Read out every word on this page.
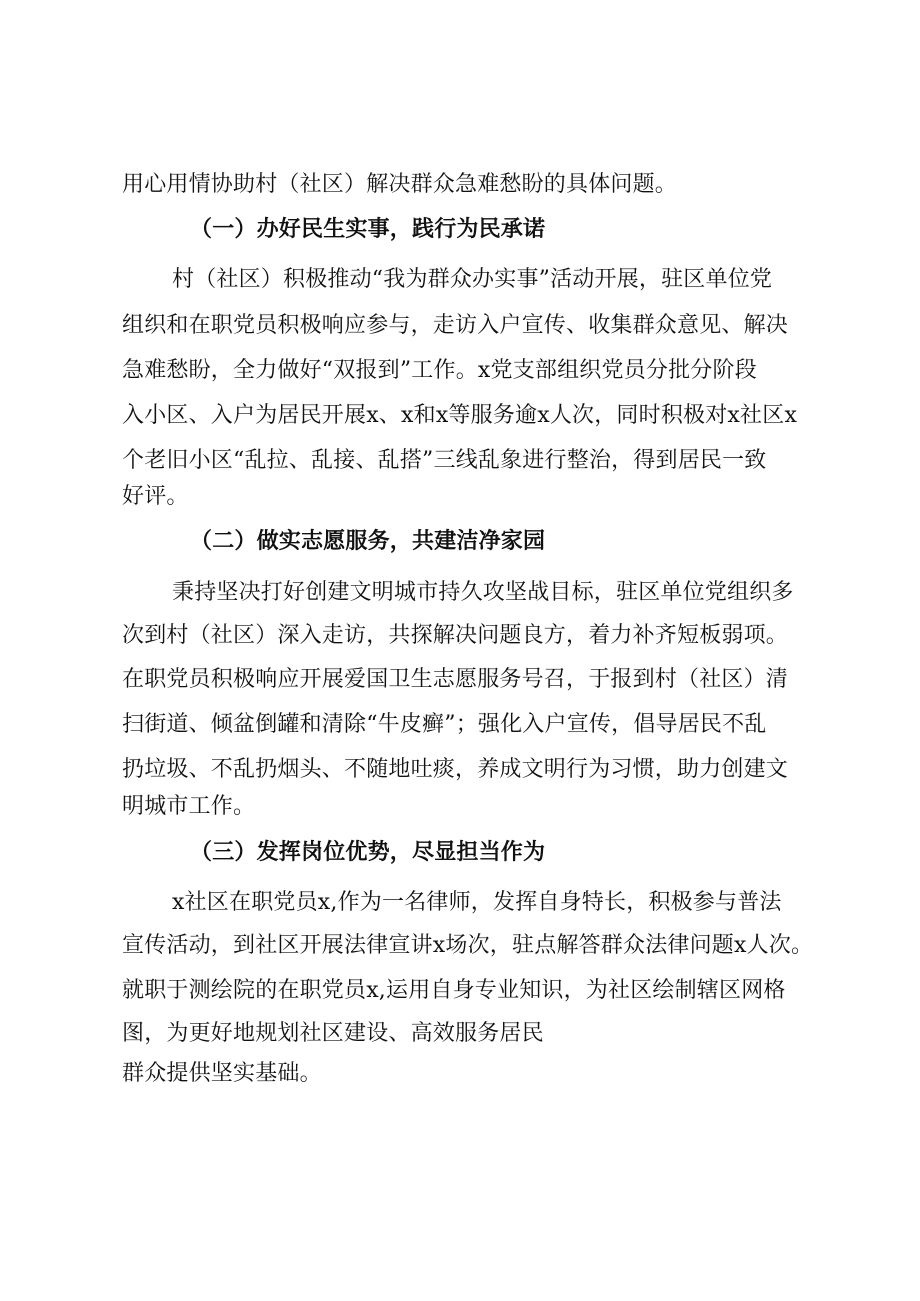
用心用情协助村（社区）解决群众急难愁盼的具体问题。
（一）办好民生实事，践行为民承诺
村（社区）积极推动“我为群众办实事”活动开展，驻区单位党
组织和在职党员积极响应参与，走访入户宣传、收集群众意见、解决
急难愁盼，全力做好“双报到”工作。x党支部组织党员分批分阶段
入小区、入户为居民开展x、x和x等服务逾x人次，同时积极对x社区x
个老旧小区“乱拉、乱接、乱搭”三线乱象进行整治，得到居民一致
好评。
（二）做实志愿服务，共建洁净家园
秉持坚决打好创建文明城市持久攻坚战目标，驻区单位党组织多
次到村（社区）深入走访，共探解决问题良方，着力补齐短板弱项。
在职党员积极响应开展爱国卫生志愿服务号召，于报到村（社区）清
扫街道、倾盆倒罐和清除“牛皮癣”；强化入户宣传，倡导居民不乱
扔垃圾、不乱扔烟头、不随地吐痰，养成文明行为习惯，助力创建文
明城市工作。
（三）发挥岗位优势，尽显担当作为
x社区在职党员x,作为一名律师，发挥自身特长，积极参与普法
宣传活动，到社区开展法律宣讲x场次，驻点解答群众法律问题x人次。
就职于测绘院的在职党员x,运用自身专业知识，为社区绘制辖区网格
图，为更好地规划社区建设、高效服务居民
群众提供坚实基础。
